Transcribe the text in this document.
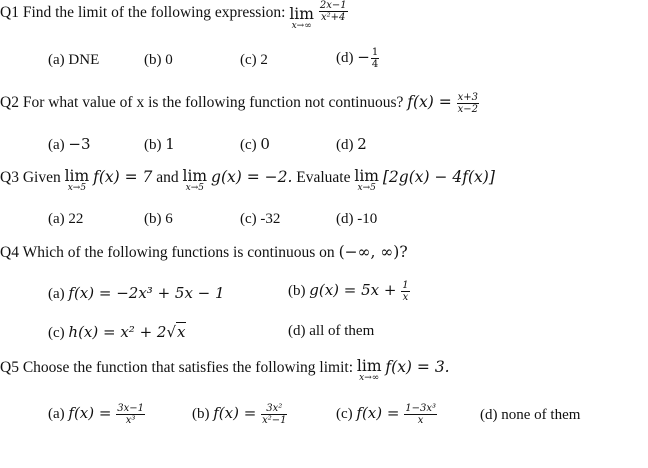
Q1 Find the limit of the following expression: lim
x→∞

$\frac{2x-1}{\text{x²+4}}$
(a) DNE	(b) 0	(c) 2	$(d) - \frac{1}{4}$
Q2 For what value of x is the following function not continuous? $f(x) = \frac{x+3}{x-2}$
(a) −3	(b) 1	(c) 0	(d) 2
Q3 Given lim
x→5
f(x) = 7 and lim
x→5
g(x) = −2. Evaluate lim
x→5
[2g(x) − 4f(x)]
(a) 22	(b) 6	(c) -32	(d) -10
Q4 Which of the following functions is continuous on (−∞, ∞)?
(a) f(x) = −2x³ + 5x − 1	(b) $g(x) = 5x + \frac{1}{x}$
(c) h(x) = x² + 2√x	(d) all of them
Q5 Choose the function that satisfies the following limit: lim
x→∞
f(x) = 3.
(a) $f(x) = \frac{3x-1}{\text{x³}}$	(b) $f(x) = \frac{\text{3x²}}{\text{x²−1}}$	(c) $f(x) = \frac{\text{1−3x³}}{x}$	(d) none of them
